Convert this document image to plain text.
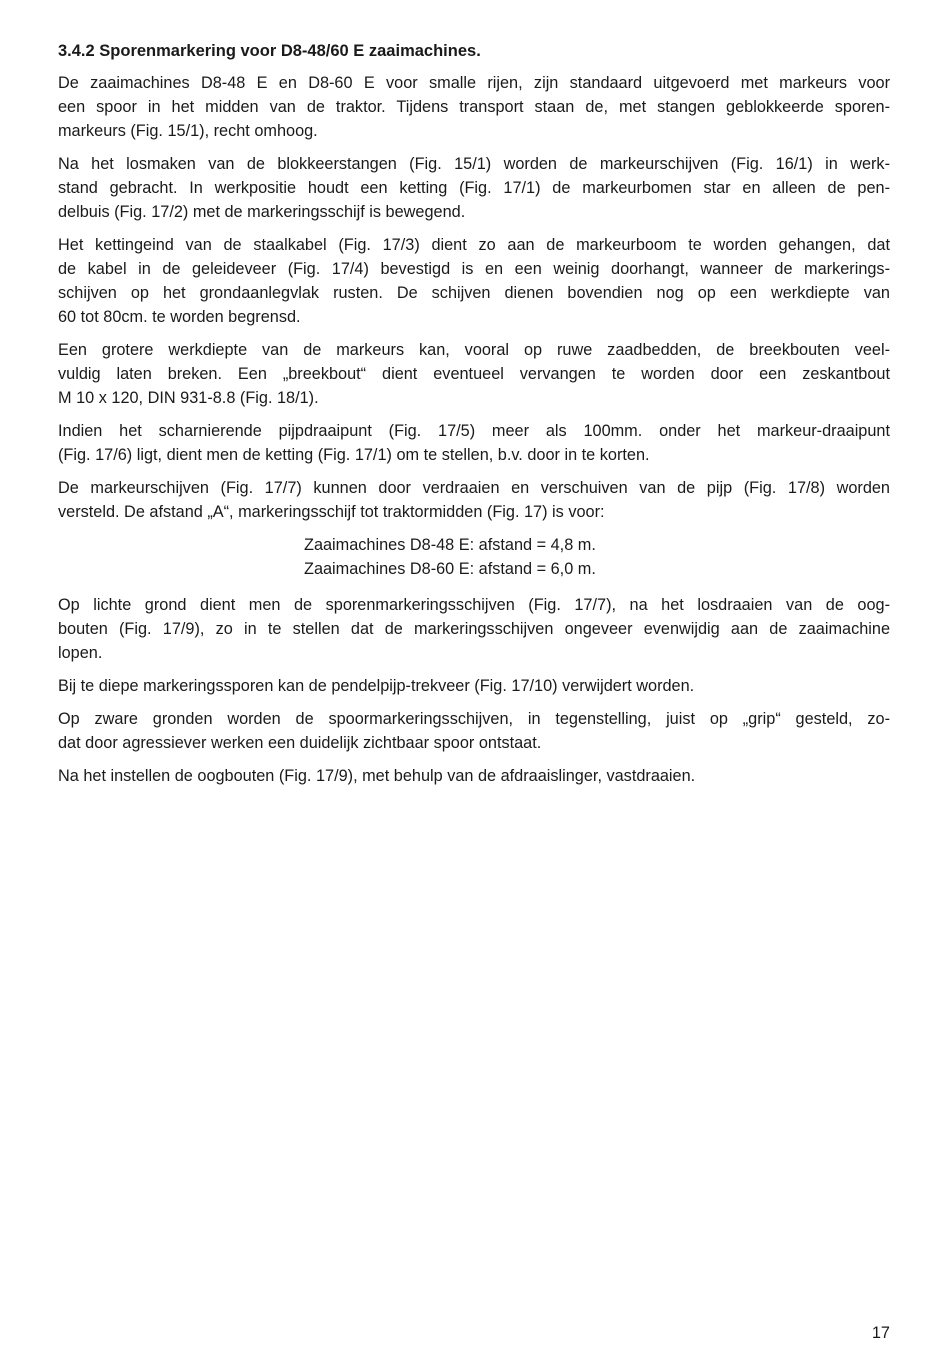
3.4.2 Sporenmarkering voor D8-48/60 E zaaimachines.
De zaaimachines D8-48 E en D8-60 E voor smalle rijen, zijn standaard uitgevoerd met markeurs voor
een spoor in het midden van de traktor. Tijdens transport staan de, met stangen geblokkeerde sporen-
markeurs (Fig. 15/1), recht omhoog.
Na het losmaken van de blokkeerstangen (Fig. 15/1) worden de markeurschijven (Fig. 16/1) in werk-
stand gebracht. In werkpositie houdt een ketting (Fig. 17/1) de markeurbomen star en alleen de pen-
delbuis (Fig. 17/2) met de markeringsschijf is bewegend.
Het kettingeind van de staalkabel (Fig. 17/3) dient zo aan de markeurboom te worden gehangen, dat
de kabel in de geleideveer (Fig. 17/4) bevestigd is en een weinig doorhangt, wanneer de markerings-
schijven op het grondaanlegvlak rusten. De schijven dienen bovendien nog op een werkdiepte van
60 tot 80cm. te worden begrensd.
Een grotere werkdiepte van de markeurs kan, vooral op ruwe zaadbedden, de breekbouten veel-
vuldig laten breken. Een „breekbout“ dient eventueel vervangen te worden door een zeskantbout
M 10 x 120, DIN 931-8.8 (Fig. 18/1).
Indien het scharnierende pijpdraaipunt (Fig. 17/5) meer als 100mm. onder het markeur-draaipunt
(Fig. 17/6) ligt, dient men de ketting (Fig. 17/1) om te stellen, b.v. door in te korten.
De markeurschijven (Fig. 17/7) kunnen door verdraaien en verschuiven van de pijp (Fig. 17/8) worden
versteld. De afstand „A“, markeringsschijf tot traktormidden (Fig. 17) is voor:
Zaaimachines D8-48 E: afstand = 4,8 m.
Zaaimachines D8-60 E: afstand = 6,0 m.
Op lichte grond dient men de sporenmarkeringsschijven (Fig. 17/7), na het losdraaien van de oog-
bouten (Fig. 17/9), zo in te stellen dat de markeringsschijven ongeveer evenwijdig aan de zaaimachine
lopen.
Bij te diepe markeringssporen kan de pendelpijp-trekveer (Fig. 17/10) verwijdert worden.
Op zware gronden worden de spoormarkeringsschijven, in tegenstelling, juist op „grip“ gesteld, zo-
dat door agressiever werken een duidelijk zichtbaar spoor ontstaat.
Na het instellen de oogbouten (Fig. 17/9), met behulp van de afdraaislinger, vastdraaien.
17
